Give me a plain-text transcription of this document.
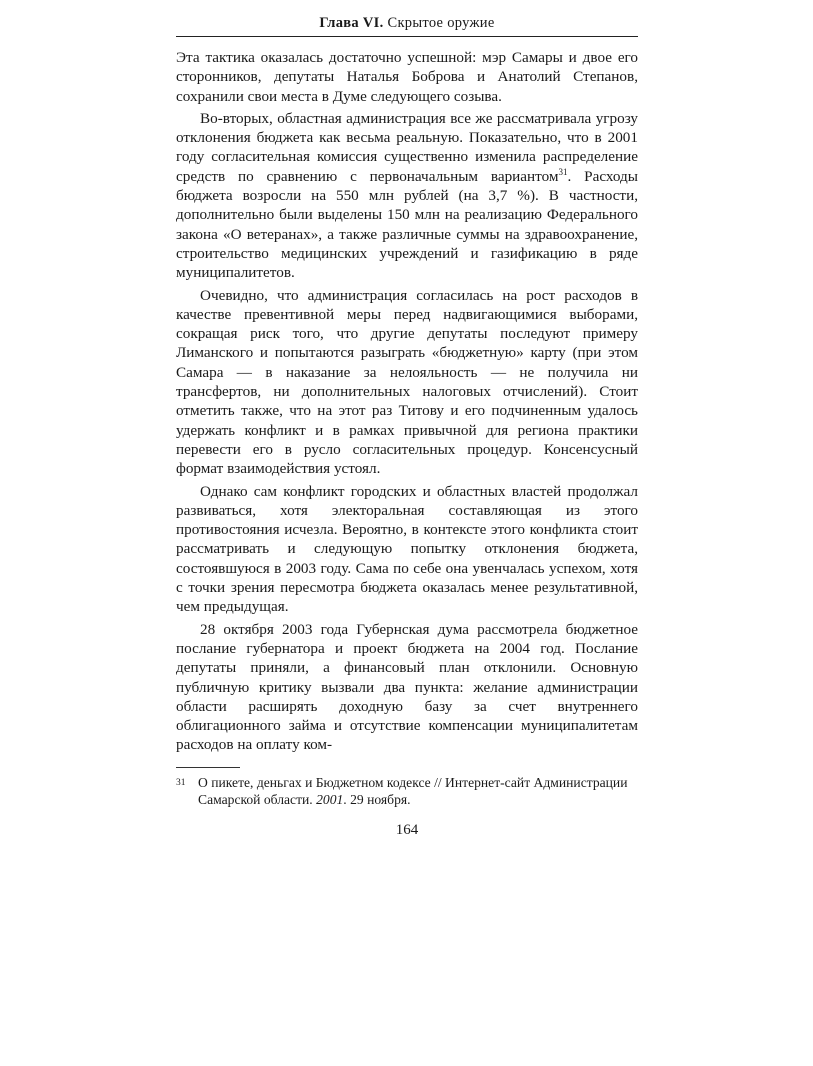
Глава VI. Скрытое оружие

Эта тактика оказалась достаточно успешной: мэр Самары и двое его сторонников, депутаты Наталья Боброва и Анатолий Степанов, сохранили свои места в Думе следующего созыва.

Во-вторых, областная администрация все же рассматривала угрозу отклонения бюджета как весьма реальную. Показательно, что в 2001 году согласительная комиссия существенно изменила распределение средств по сравнению с первоначальным вариантом$^{31}$. Расходы бюджета возросли на 550 млн рублей (на 3,7 %). В частности, дополнительно были выделены 150 млн на реализацию Федерального закона «О ветеранах», а также различные суммы на здравоохранение, строительство медицинских учреждений и газификацию в ряде муниципалитетов.

Очевидно, что администрация согласилась на рост расходов в качестве превентивной меры перед надвигающимися выборами, сокращая риск того, что другие депутаты последуют примеру Лиманского и попытаются разыграть «бюджетную» карту (при этом Самара — в наказание за нелояльность — не получила ни трансфертов, ни дополнительных налоговых отчислений). Стоит отметить также, что на этот раз Титову и его подчиненным удалось удержать конфликт и в рамках привычной для региона практики перевести его в русло согласительных процедур. Консенсусный формат взаимодействия устоял.

Однако сам конфликт городских и областных властей продолжал развиваться, хотя электоральная составляющая из этого противостояния исчезла. Вероятно, в контексте этого конфликта стоит рассматривать и следующую попытку отклонения бюджета, состоявшуюся в 2003 году. Сама по себе она увенчалась успехом, хотя с точки зрения пересмотра бюджета оказалась менее результативной, чем предыдущая.

28 октября 2003 года Губернская дума рассмотрела бюджетное послание губернатора и проект бюджета на 2004 год. Послание депутаты приняли, а финансовый план отклонили. Основную публичную критику вызвали два пункта: желание администрации области расширять доходную базу за счет внутреннего облигационного займа и отсутствие компенсации муниципалитетам расходов на оплату ком-

31 О пикете, деньгах и Бюджетном кодексе // Интернет-сайт Администрации Самарской области. 2001. 29 ноября.
164
